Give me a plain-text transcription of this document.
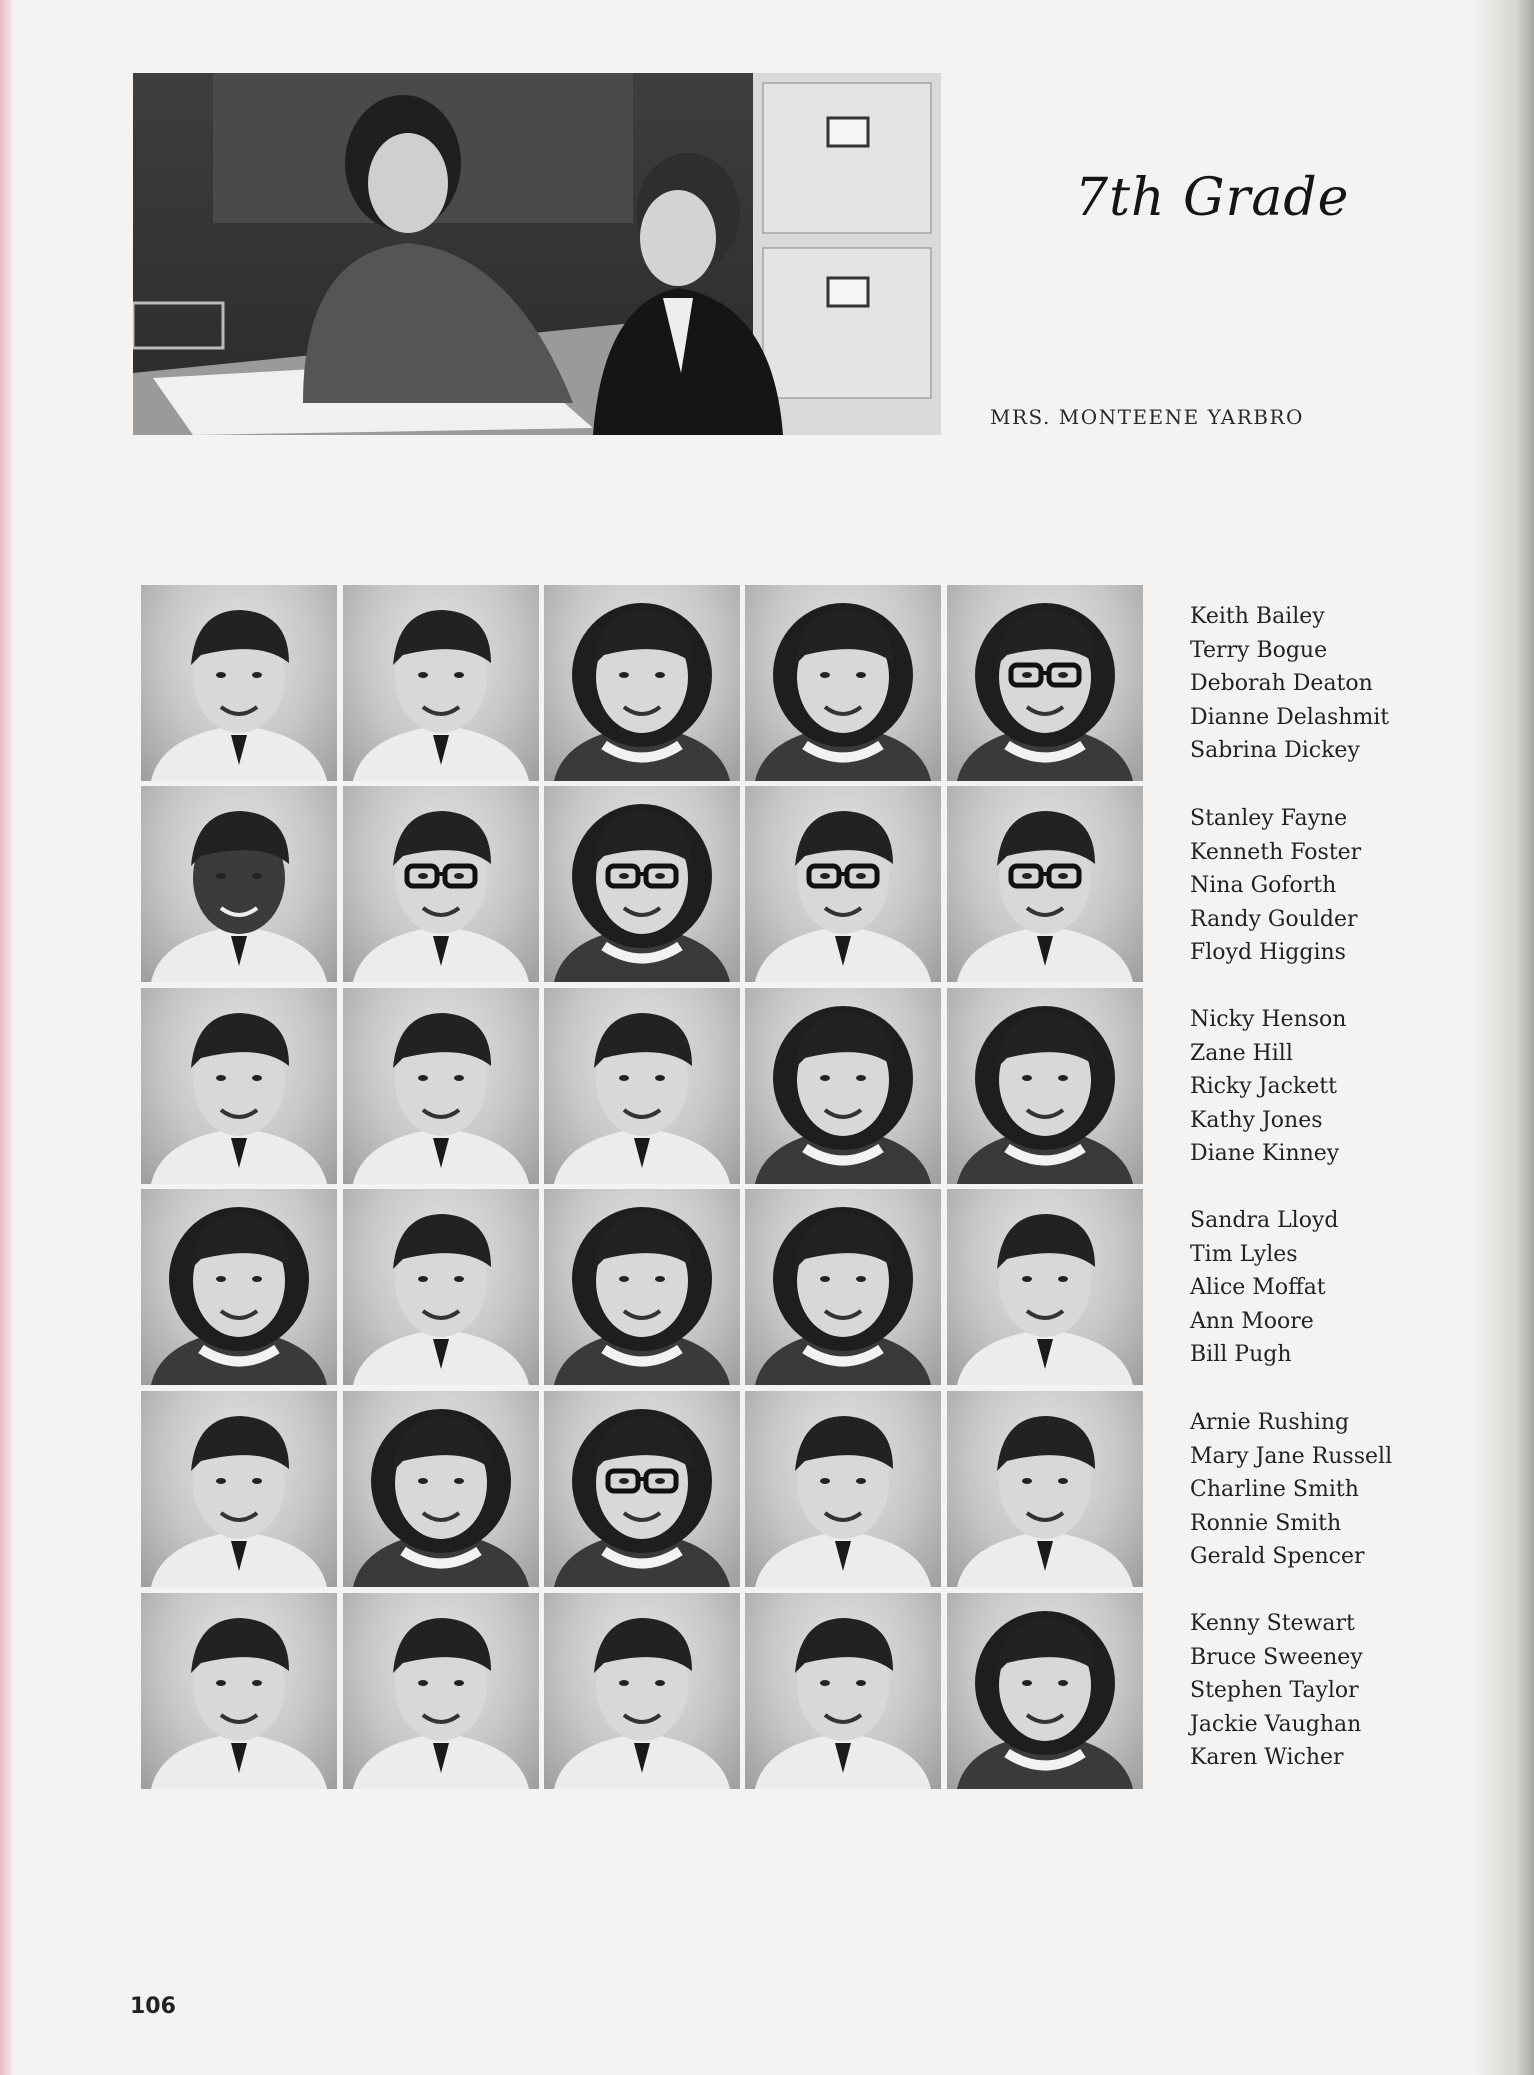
7th Grade
MRS. MONTEENE YARBRO
Keith Bailey
Terry Bogue
Deborah Deaton
Dianne Delashmit
Sabrina Dickey
Stanley Fayne
Kenneth Foster
Nina Goforth
Randy Goulder
Floyd Higgins
Nicky Henson
Zane Hill
Ricky Jackett
Kathy Jones
Diane Kinney
Sandra Lloyd
Tim Lyles
Alice Moffat
Ann Moore
Bill Pugh
Arnie Rushing
Mary Jane Russell
Charline Smith
Ronnie Smith
Gerald Spencer
Kenny Stewart
Bruce Sweeney
Stephen Taylor
Jackie Vaughan
Karen Wicher
106
